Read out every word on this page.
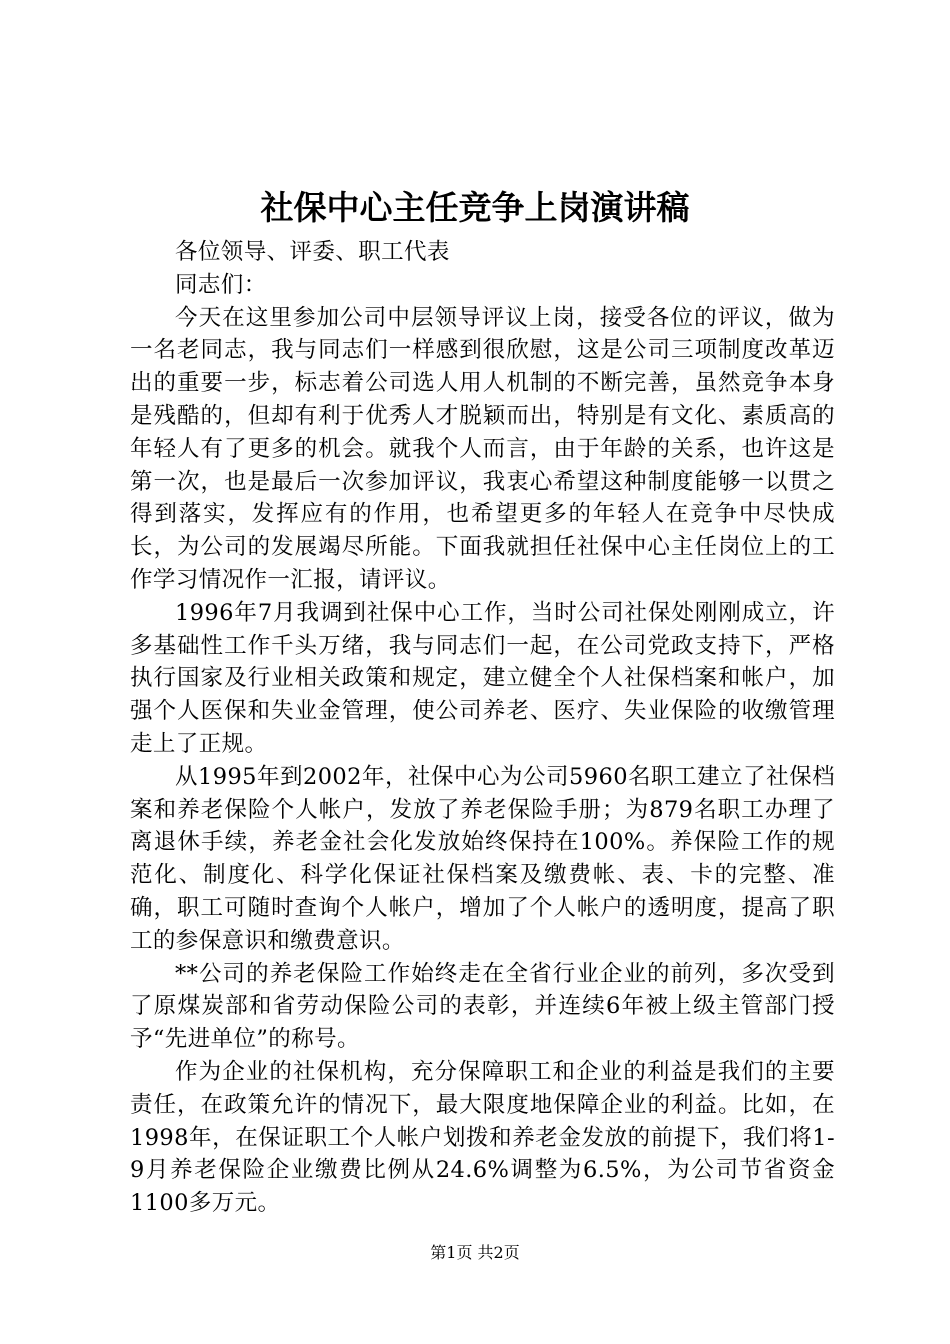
社保中心主任竞争上岗演讲稿

各位领导、评委、职工代表

同志们：

今天在这里参加公司中层领导评议上岗，接受各位的评议，做为一名老同志，我与同志们一样感到很欣慰，这是公司三项制度改革迈出的重要一步，标志着公司选人用人机制的不断完善，虽然竞争本身是残酷的，但却有利于优秀人才脱颖而出，特别是有文化、素质高的年轻人有了更多的机会。就我个人而言，由于年龄的关系，也许这是第一次，也是最后一次参加评议，我衷心希望这种制度能够一以贯之得到落实，发挥应有的作用，也希望更多的年轻人在竞争中尽快成长，为公司的发展竭尽所能。下面我就担任社保中心主任岗位上的工作学习情况作一汇报，请评议。

1996年7月我调到社保中心工作，当时公司社保处刚刚成立，许多基础性工作千头万绪，我与同志们一起，在公司党政支持下，严格执行国家及行业相关政策和规定，建立健全个人社保档案和帐户，加强个人医保和失业金管理，使公司养老、医疗、失业保险的收缴管理走上了正规。

从1995年到2002年，社保中心为公司5960名职工建立了社保档案和养老保险个人帐户，发放了养老保险手册；为879名职工办理了离退休手续，养老金社会化发放始终保持在100%。养保险工作的规范化、制度化、科学化保证社保档案及缴费帐、表、卡的完整、准确，职工可随时查询个人帐户，增加了个人帐户的透明度，提高了职工的参保意识和缴费意识。

**公司的养老保险工作始终走在全省行业企业的前列，多次受到了原煤炭部和省劳动保险公司的表彰，并连续6年被上级主管部门授予“先进单位”的称号。

作为企业的社保机构，充分保障职工和企业的利益是我们的主要责任，在政策允许的情况下，最大限度地保障企业的利益。比如，在1998年，在保证职工个人帐户划拨和养老金发放的前提下，我们将1-9月养老保险企业缴费比例从24.6%调整为6.5%，为公司节省资金1100多万元。

第1页 共2页
